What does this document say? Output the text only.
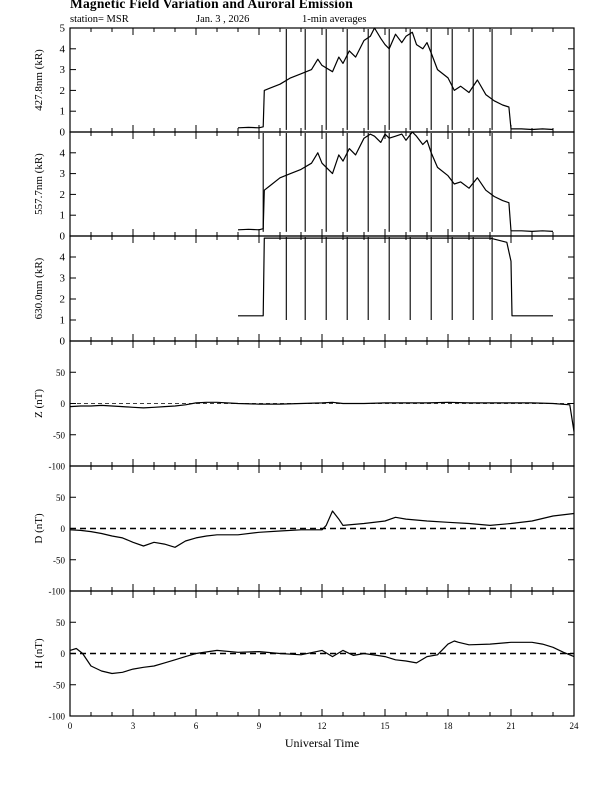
Magnetic Field Variation and Auroral Emission
station= MSR	Jan. 3 , 2026	1-min averages
0
1
2
3
4
5
427.8nm (kR)
0
1
2
3
4
557.7nm (kR)
0
1
2
3
4
630.0nm (kR)
-100
-50
0
50
Z (nT)
-100
-50
0
50
D (nT)
-100
-50
0
50
H (nT)
0	3	6	9	12	15	18	21	24
Universal Time
